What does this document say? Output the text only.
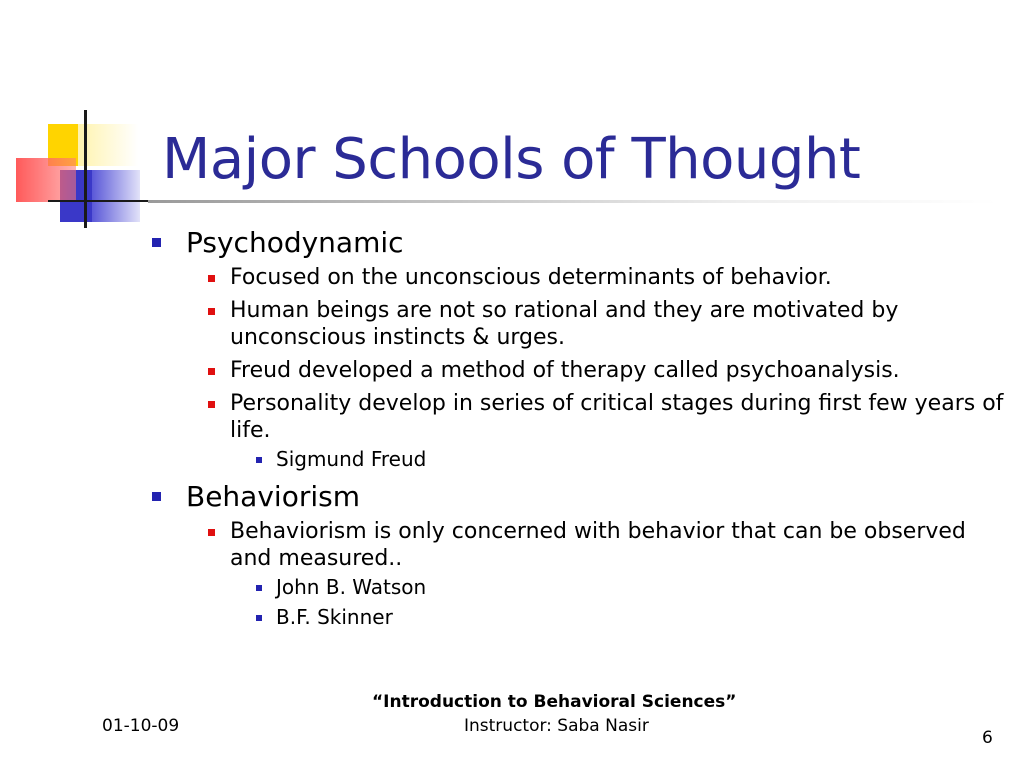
Major Schools of Thought
Psychodynamic
Focused on the unconscious determinants of behavior.
Human beings are not so rational and they are motivated by unconscious instincts & urges.
Freud developed a method of therapy called psychoanalysis.
Personality develop in series of critical stages during first few years of life.
Sigmund Freud
Behaviorism
Behaviorism is only concerned with behavior that can be observed and measured..
John B. Watson
B.F. Skinner
“Introduction to Behavioral Sciences”
Instructor: Saba Nasir
01-10-09
6
